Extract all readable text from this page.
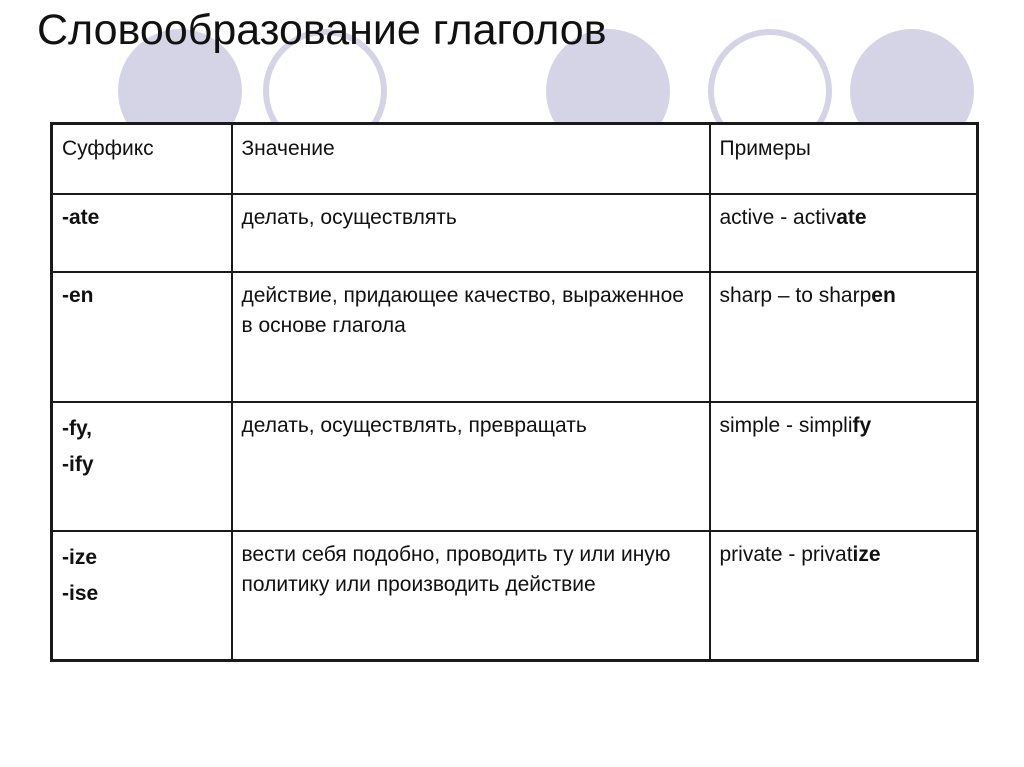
Словообразование глаголов
Суффикс	Значение	Примеры

-ate	делать, осуществлять	active - activate

-en	действие, придающее качество, выраженное в основе глагола	sharp – to sharpen

-fy,
-ify	делать, осуществлять, превращать	simple - simplify

-ize
-ise	вести себя подобно, проводить ту или иную политику или производить действие	private - privatize
